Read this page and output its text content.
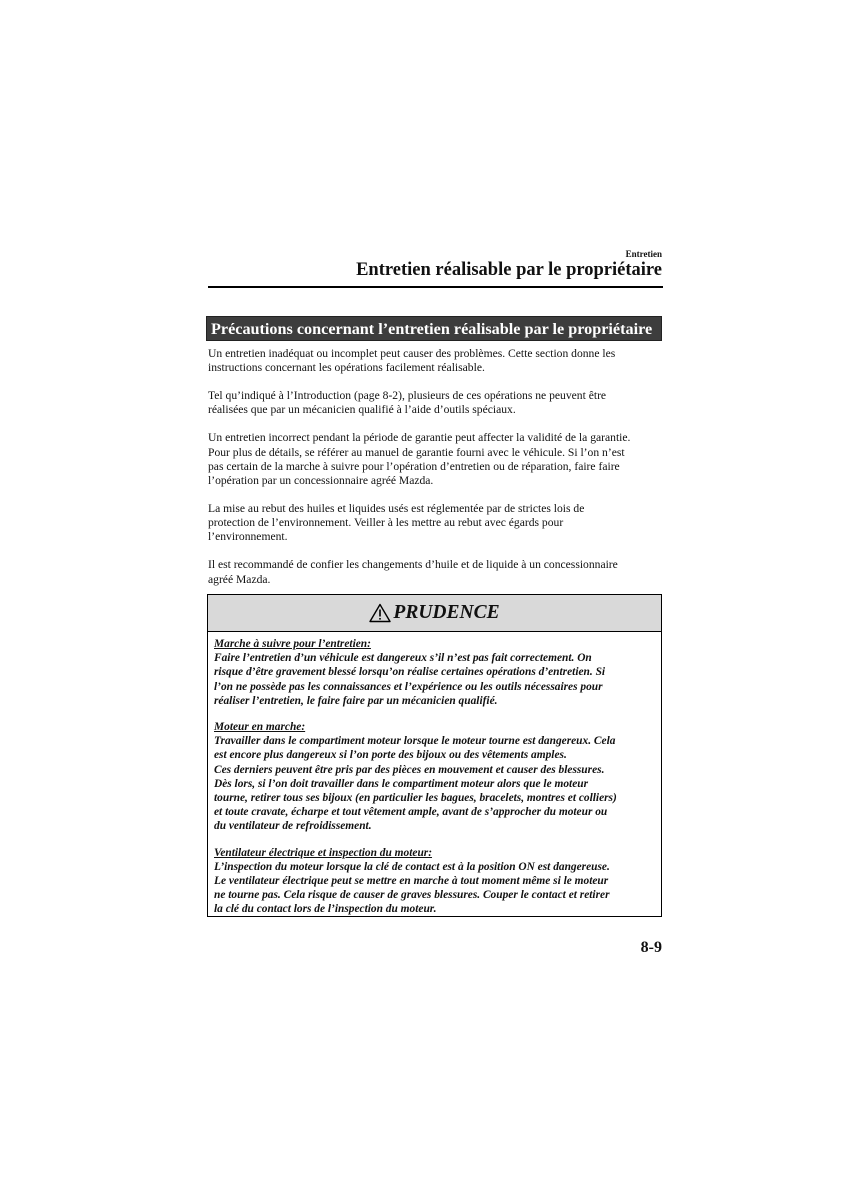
Entretien
Entretien réalisable par le propriétaire
Précautions concernant l’entretien réalisable par le propriétaire

Un entretien inadéquat ou incomplet peut causer des problèmes. Cette section donne les
instructions concernant les opérations facilement réalisable.

Tel qu’indiqué à l’Introduction (page 8-2), plusieurs de ces opérations ne peuvent être
réalisées que par un mécanicien qualifié à l’aide d’outils spéciaux.

Un entretien incorrect pendant la période de garantie peut affecter la validité de la garantie.
Pour plus de détails, se référer au manuel de garantie fourni avec le véhicule. Si l’on n’est
pas certain de la marche à suivre pour l’opération d’entretien ou de réparation, faire faire
l’opération par un concessionnaire agréé Mazda.

La mise au rebut des huiles et liquides usés est réglementée par de strictes lois de
protection de l’environnement. Veiller à les mettre au rebut avec égards pour
l’environnement.

Il est recommandé de confier les changements d’huile et de liquide à un concessionnaire
agréé Mazda.

PRUDENCE
Marche à suivre pour l’entretien:
Faire l’entretien d’un véhicule est dangereux s’il n’est pas fait correctement. On
risque d’être gravement blessé lorsqu’on réalise certaines opérations d’entretien. Si
l’on ne possède pas les connaissances et l’expérience ou les outils nécessaires pour
réaliser l’entretien, le faire faire par un mécanicien qualifié.
Moteur en marche:
Travailler dans le compartiment moteur lorsque le moteur tourne est dangereux. Cela
est encore plus dangereux si l’on porte des bijoux ou des vêtements amples.
Ces derniers peuvent être pris par des pièces en mouvement et causer des blessures.
Dès lors, si l’on doit travailler dans le compartiment moteur alors que le moteur
tourne, retirer tous ses bijoux (en particulier les bagues, bracelets, montres et colliers)
et toute cravate, écharpe et tout vêtement ample, avant de s’approcher du moteur ou
du ventilateur de refroidissement.
Ventilateur électrique et inspection du moteur:
L’inspection du moteur lorsque la clé de contact est à la position ON est dangereuse.
Le ventilateur électrique peut se mettre en marche à tout moment même si le moteur
ne tourne pas. Cela risque de causer de graves blessures. Couper le contact et retirer
la clé du contact lors de l’inspection du moteur.
8-9
